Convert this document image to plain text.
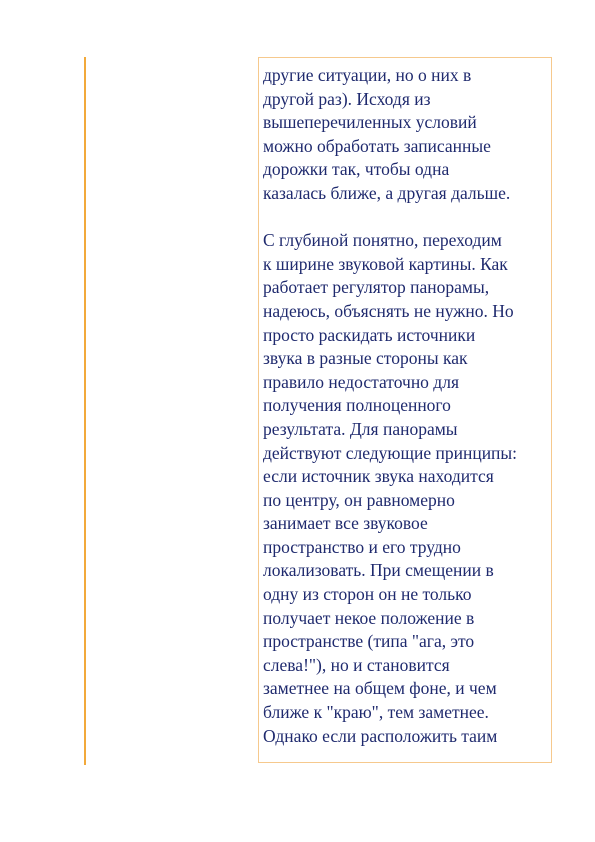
другие ситуации, но о них в
другой раз). Исходя из
вышеперечиленных условий
можно обработать записанные
дорожки так, чтобы одна
казалась ближе, а другая дальше.

С глубиной понятно, переходим
к ширине звуковой картины. Как
работает регулятор панорамы,
надеюсь, объяснять не нужно. Но
просто раскидать источники
звука в разные стороны как
правило недостаточно для
получения полноценного
результата. Для панорамы
действуют следующие принципы:
если источник звука находится
по центру, он равномерно
занимает все звуковое
пространство и его трудно
локализовать. При смещении в
одну из сторон он не только
получает некое положение в
пространстве (типа "ага, это
слева!"), но и становится
заметнее на общем фоне, и чем
ближе к "краю", тем заметнее.
Однако если расположить таим
